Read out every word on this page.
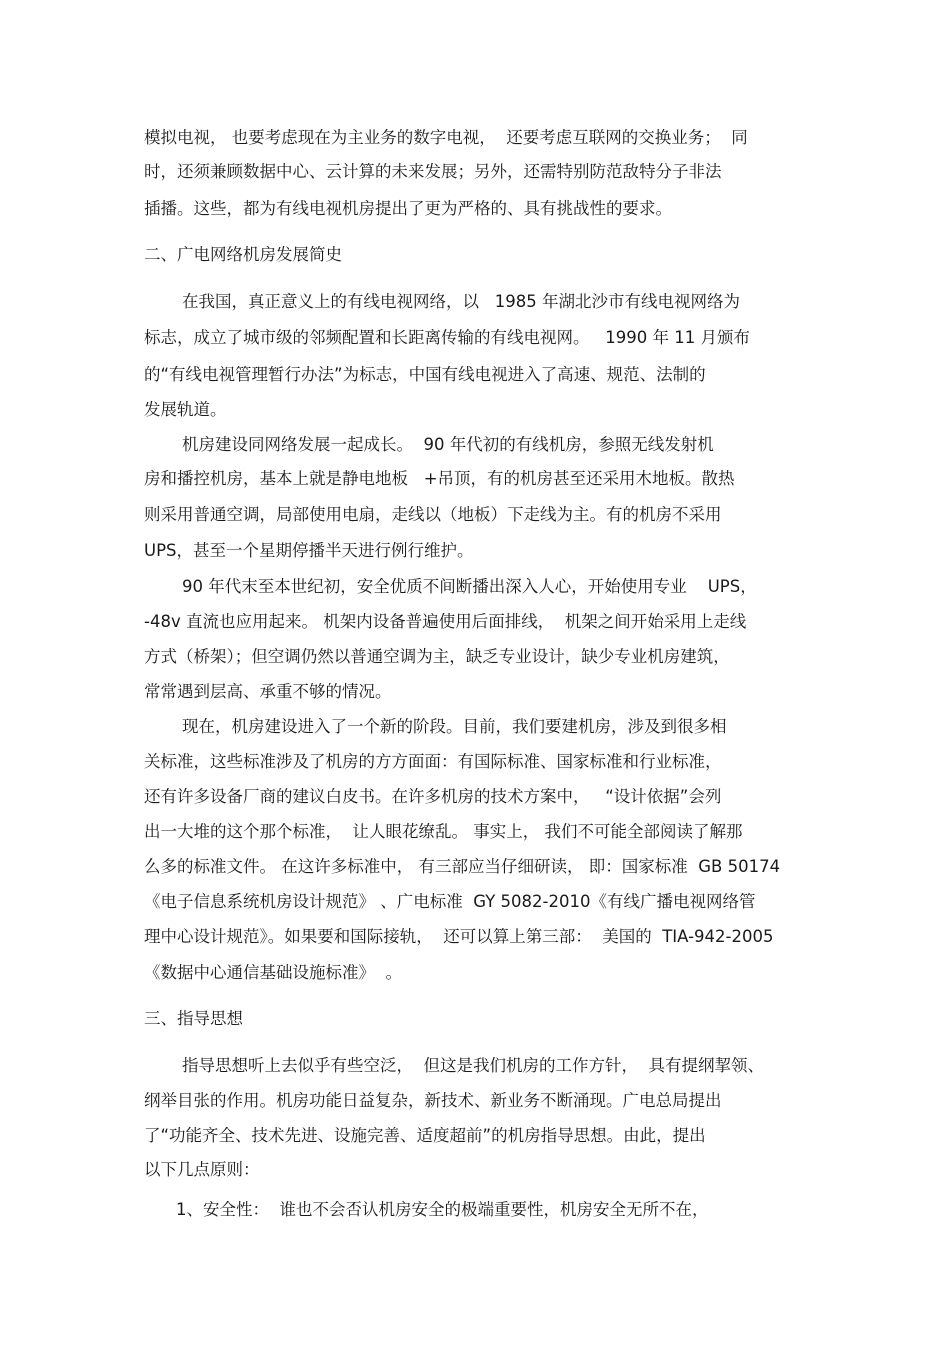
模拟电视， 也要考虑现在为主业务的数字电视，  还要考虑互联网的交换业务；  同
时，还须兼顾数据中心、云计算的未来发展；另外，还需特别防范敌特分子非法
插播。这些，都为有线电视机房提出了更为严格的、具有挑战性的要求。
二、广电网络机房发展简史
在我国，真正意义上的有线电视网络，以   1985 年湖北沙市有线电视网络为
标志，成立了城市级的邻频配置和长距离传输的有线电视网。   1990 年 11 月颁布
的“有线电视管理暂行办法”为标志，中国有线电视进入了高速、规范、法制的
发展轨道。
机房建设同网络发展一起成长。  90 年代初的有线机房，参照无线发射机
房和播控机房，基本上就是静电地板   +吊顶，有的机房甚至还采用木地板。散热
则采用普通空调，局部使用电扇，走线以（地板）下走线为主。有的机房不采用
UPS，甚至一个星期停播半天进行例行维护。
90 年代末至本世纪初，安全优质不间断播出深入人心，开始使用专业    UPS，
-48v 直流也应用起来。 机架内设备普遍使用后面排线，  机架之间开始采用上走线
方式（桥架）；但空调仍然以普通空调为主，缺乏专业设计，缺少专业机房建筑，
常常遇到层高、承重不够的情况。
现在，机房建设进入了一个新的阶段。目前，我们要建机房，涉及到很多相
关标准，这些标准涉及了机房的方方面面：有国际标准、国家标准和行业标准，
还有许多设备厂商的建议白皮书。在许多机房的技术方案中，   “设计依据”会列
出一大堆的这个那个标准，  让人眼花缭乱。 事实上， 我们不可能全部阅读了解那
么多的标准文件。 在这许多标准中， 有三部应当仔细研读， 即：国家标准  GB 50174
《电子信息系统机房设计规范》 、广电标准  GY 5082-2010《有线广播电视网络管
理中心设计规范》。如果要和国际接轨，  还可以算上第三部：  美国的  TIA-942-2005
《数据中心通信基础设施标准》  。
三、指导思想
指导思想听上去似乎有些空泛，  但这是我们机房的工作方针，  具有提纲挈领、
纲举目张的作用。机房功能日益复杂，新技术、新业务不断涌现。广电总局提出
了“功能齐全、技术先进、设施完善、适度超前”的机房指导思想。由此，提出
以下几点原则：
1、安全性：  谁也不会否认机房安全的极端重要性，机房安全无所不在，
